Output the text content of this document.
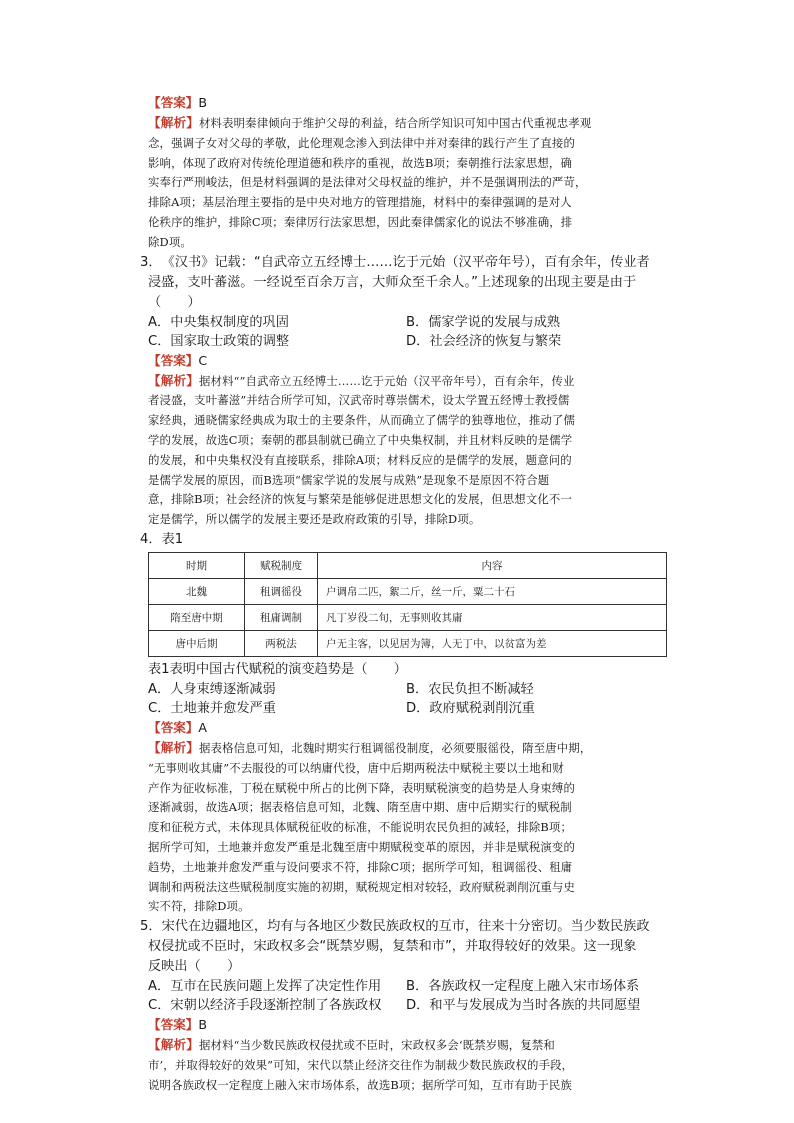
【答案】B
【解析】材料表明秦律倾向于维护父母的利益，结合所学知识可知中国古代重视忠孝观
念，强调子女对父母的孝敬，此伦理观念渗入到法律中并对秦律的践行产生了直接的
影响，体现了政府对传统伦理道德和秩序的重视，故选B项；秦朝推行法家思想，确
实奉行严刑峻法，但是材料强调的是法律对父母权益的维护，并不是强调刑法的严苛，
排除A项；基层治理主要指的是中央对地方的管理措施，材料中的秦律强调的是对人
伦秩序的维护，排除C项；秦律厉行法家思想，因此秦律儒家化的说法不够准确，排
除D项。
3．《汉书》记载：“自武帝立五经博士……讫于元始（汉平帝年号），百有余年，传业者
浸盛，支叶蕃滋。一经说至百余万言，大师众至千余人。”上述现象的出现主要是由于
（　　）
A．中央集权制度的巩固	B．儒家学说的发展与成熟
C．国家取士政策的调整	D．社会经济的恢复与繁荣
【答案】C
【解析】据材料“”自武帝立五经博士……讫于元始（汉平帝年号），百有余年，传业
者浸盛，支叶蕃滋”并结合所学可知，汉武帝时尊崇儒术，设太学置五经博士教授儒
家经典，通晓儒家经典成为取士的主要条件，从而确立了儒学的独尊地位，推动了儒
学的发展，故选C项；秦朝的郡县制就已确立了中央集权制，并且材料反映的是儒学
的发展，和中央集权没有直接联系，排除A项；材料反应的是儒学的发展，题意问的
是儒学发展的原因，而B选项“儒家学说的发展与成熟”是现象不是原因不符合题
意，排除B项；社会经济的恢复与繁荣是能够促进思想文化的发展，但思想文化不一
定是儒学，所以儒学的发展主要还是政府政策的引导，排除D项。
4．表1
时期	赋税制度	内容
北魏	租调徭役	户调帛二匹，絮二斤，丝一斤，粟二十石
隋至唐中期	租庸调制	凡丁岁役二旬，无事则收其庸
唐中后期	两税法	户无主客，以见居为簿，人无丁中，以贫富为差
表1表明中国古代赋税的演变趋势是（　　）
A．人身束缚逐渐减弱	B．农民负担不断减轻
C．土地兼并愈发严重	D．政府赋税剥削沉重
【答案】A
【解析】据表格信息可知，北魏时期实行租调徭役制度，必须要服徭役，隋至唐中期，
“无事则收其庸”不去服役的可以纳庸代役，唐中后期两税法中赋税主要以土地和财
产作为征收标准，丁税在赋税中所占的比例下降，表明赋税演变的趋势是人身束缚的
逐渐减弱，故选A项；据表格信息可知，北魏、隋至唐中期、唐中后期实行的赋税制
度和征税方式，未体现具体赋税征收的标准，不能说明农民负担的减轻，排除B项；
据所学可知，土地兼并愈发严重是北魏至唐中期赋税变革的原因，并非是赋税演变的
趋势，土地兼并愈发严重与设问要求不符，排除C项；据所学可知，租调徭役、租庸
调制和两税法这些赋税制度实施的初期，赋税规定相对较轻，政府赋税剥削沉重与史
实不符，排除D项。
5．宋代在边疆地区，均有与各地区少数民族政权的互市，往来十分密切。当少数民族政
权侵扰或不臣时，宋政权多会“既禁岁赐，复禁和市”，并取得较好的效果。这一现象
反映出（　　）
A．互市在民族问题上发挥了决定性作用	B．各族政权一定程度上融入宋市场体系
C．宋朝以经济手段逐渐控制了各族政权	D．和平与发展成为当时各族的共同愿望
【答案】B
【解析】据材料“当少数民族政权侵扰或不臣时，宋政权多会‘既禁岁赐，复禁和
市’，并取得较好的效果”可知，宋代以禁止经济交往作为制裁少数民族政权的手段，
说明各族政权一定程度上融入宋市场体系，故选B项；据所学可知，互市有助于民族
